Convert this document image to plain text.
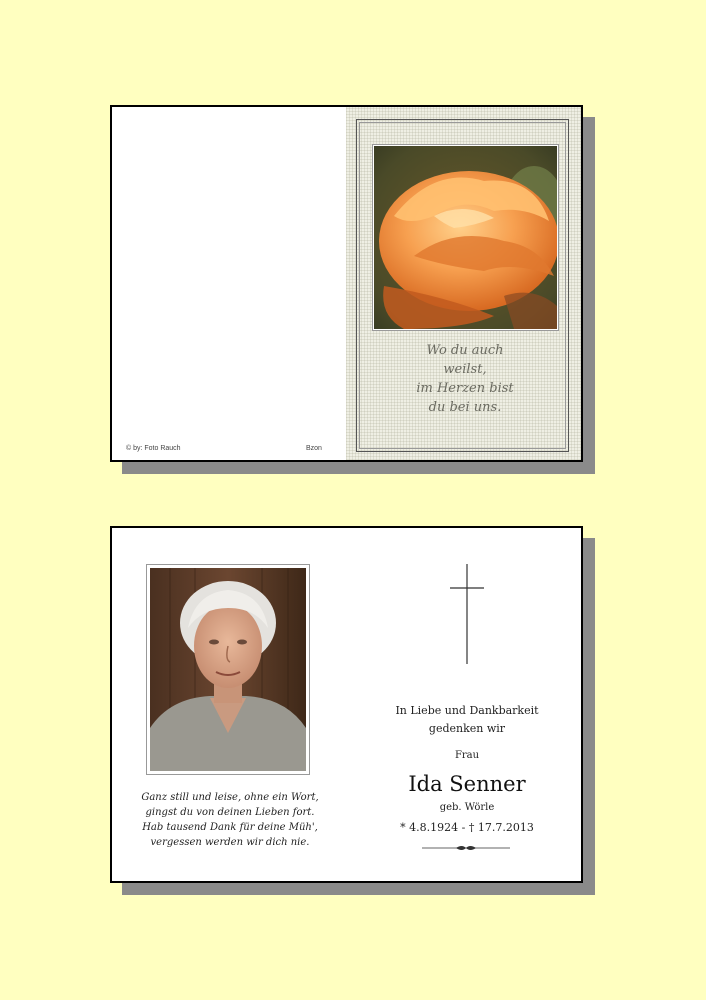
© by: Foto Rauch	Bzon
Wo du auch
weilst,
im Herzen bist
du bei uns.
Ganz still und leise, ohne ein Wort,
gingst du von deinen Lieben fort.
Hab tausend Dank für deine Müh',
vergessen werden wir dich nie.
In Liebe und Dankbarkeit
gedenken wir
Frau
Ida Senner
geb. Wörle
* 4.8.1924 - † 17.7.2013
